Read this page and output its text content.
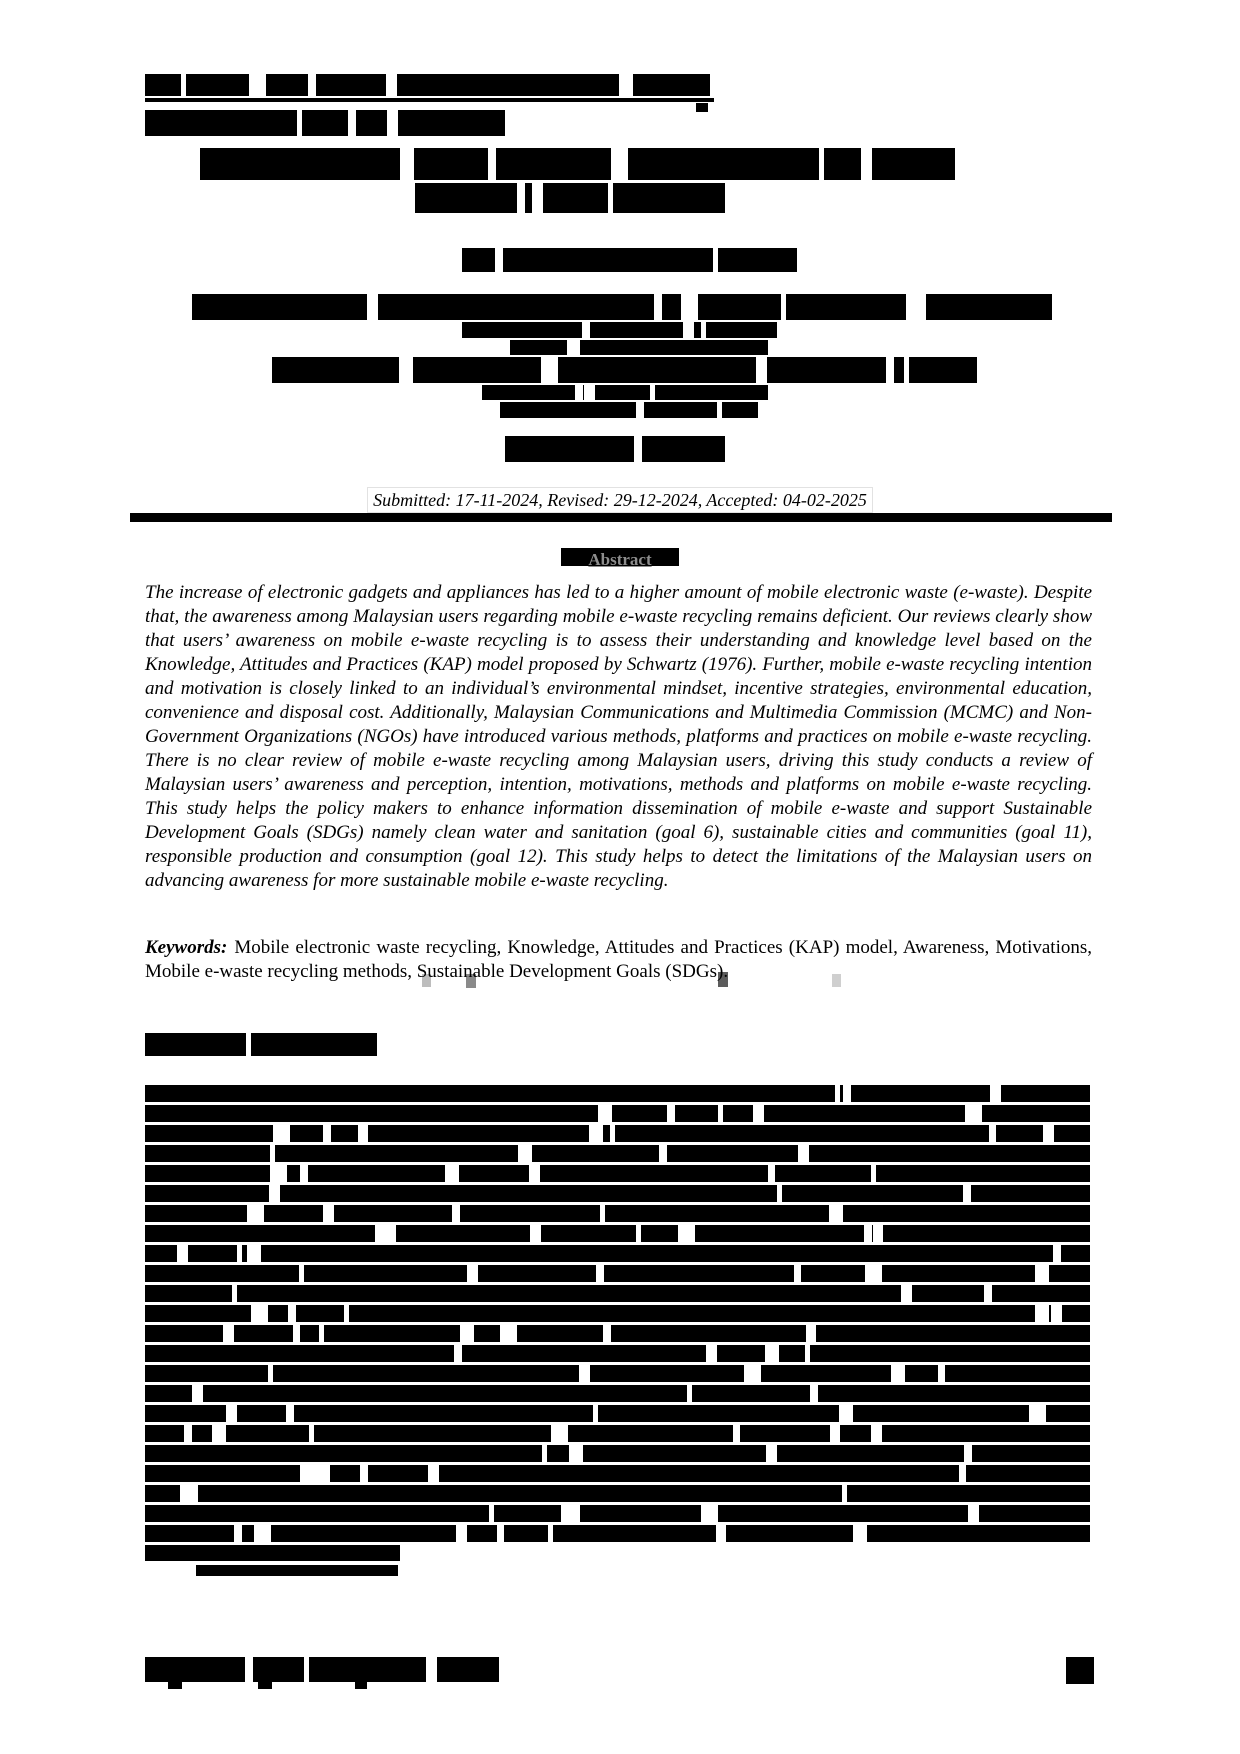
Submitted: 17-11-2024, Revised: 29-12-2024, Accepted: 04-02-2025
Abstract
The increase of electronic gadgets and appliances has led to a higher amount of mobile electronic waste (e-waste). Despite that, the awareness among Malaysian users regarding mobile e-waste recycling remains deficient. Our reviews clearly show that users’ awareness on mobile e-waste recycling is to assess their understanding and knowledge level based on the Knowledge, Attitudes and Practices (KAP) model proposed by Schwartz (1976). Further, mobile e-waste recycling intention and motivation is closely linked to an individual’s environmental mindset, incentive strategies, environmental education, convenience and disposal cost. Additionally, Malaysian Communications and Multimedia Commission (MCMC) and Non-Government Organizations (NGOs) have introduced various methods, platforms and practices on mobile e-waste recycling. There is no clear review of mobile e-waste recycling among Malaysian users, driving this study conducts a review of Malaysian users’ awareness and perception, intention, motivations, methods and platforms on mobile e-waste recycling. This study helps the policy makers to enhance information dissemination of mobile e-waste and support Sustainable Development Goals (SDGs) namely clean water and sanitation (goal 6), sustainable cities and communities (goal 11), responsible production and consumption (goal 12). This study helps to detect the limitations of the Malaysian users on advancing awareness for more sustainable mobile e-waste recycling.
Keywords: Mobile electronic waste recycling, Knowledge, Attitudes and Practices (KAP) model, Awareness, Motivations, Mobile e-waste recycling methods, Sustainable Development Goals (SDGs).
